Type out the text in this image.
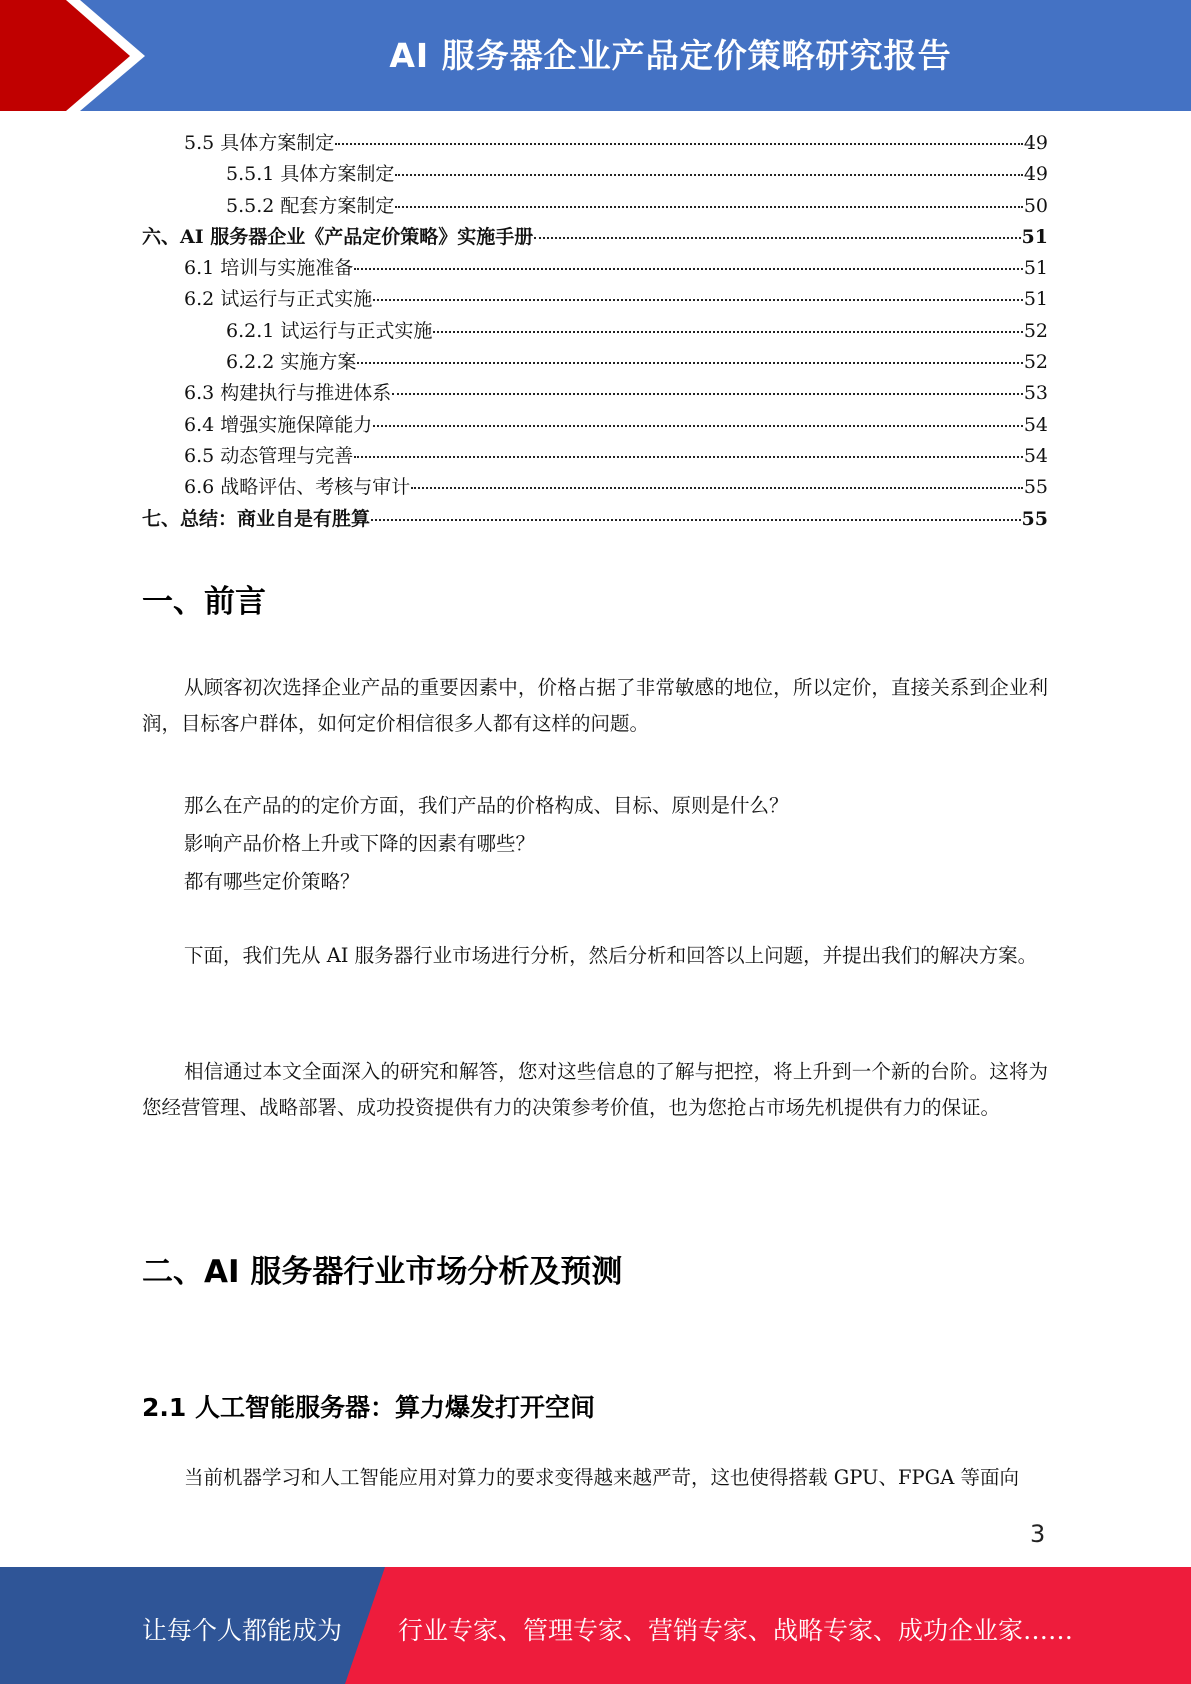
AI 服务器企业产品定价策略研究报告
5.5 具体方案制定	49
5.5.1 具体方案制定	49
5.5.2 配套方案制定	50
六、AI 服务器企业《产品定价策略》实施手册	51
6.1 培训与实施准备	51
6.2 试运行与正式实施	51
6.2.1 试运行与正式实施	52
6.2.2 实施方案	52
6.3 构建执行与推进体系	53
6.4 增强实施保障能力	54
6.5 动态管理与完善	54
6.6 战略评估、考核与审计	55
七、总结：商业自是有胜算	55
一、前言

从顾客初次选择企业产品的重要因素中，价格占据了非常敏感的地位，所以定价，直接关系到企业利润，目标客户群体，如何定价相信很多人都有这样的问题。

那么在产品的的定价方面，我们产品的价格构成、目标、原则是什么？
影响产品价格上升或下降的因素有哪些？
都有哪些定价策略？

下面，我们先从 AI 服务器行业市场进行分析，然后分析和回答以上问题，并提出我们的解决方案。

相信通过本文全面深入的研究和解答，您对这些信息的了解与把控，将上升到一个新的台阶。这将为您经营管理、战略部署、成功投资提供有力的决策参考价值，也为您抢占市场先机提供有力的保证。

二、AI 服务器行业市场分析及预测
2.1 人工智能服务器：算力爆发打开空间

当前机器学习和人工智能应用对算力的要求变得越来越严苛，这也使得搭载 GPU、FPGA 等面向

3
让每个人都能成为 行业专家、管理专家、营销专家、战略专家、成功企业家……
